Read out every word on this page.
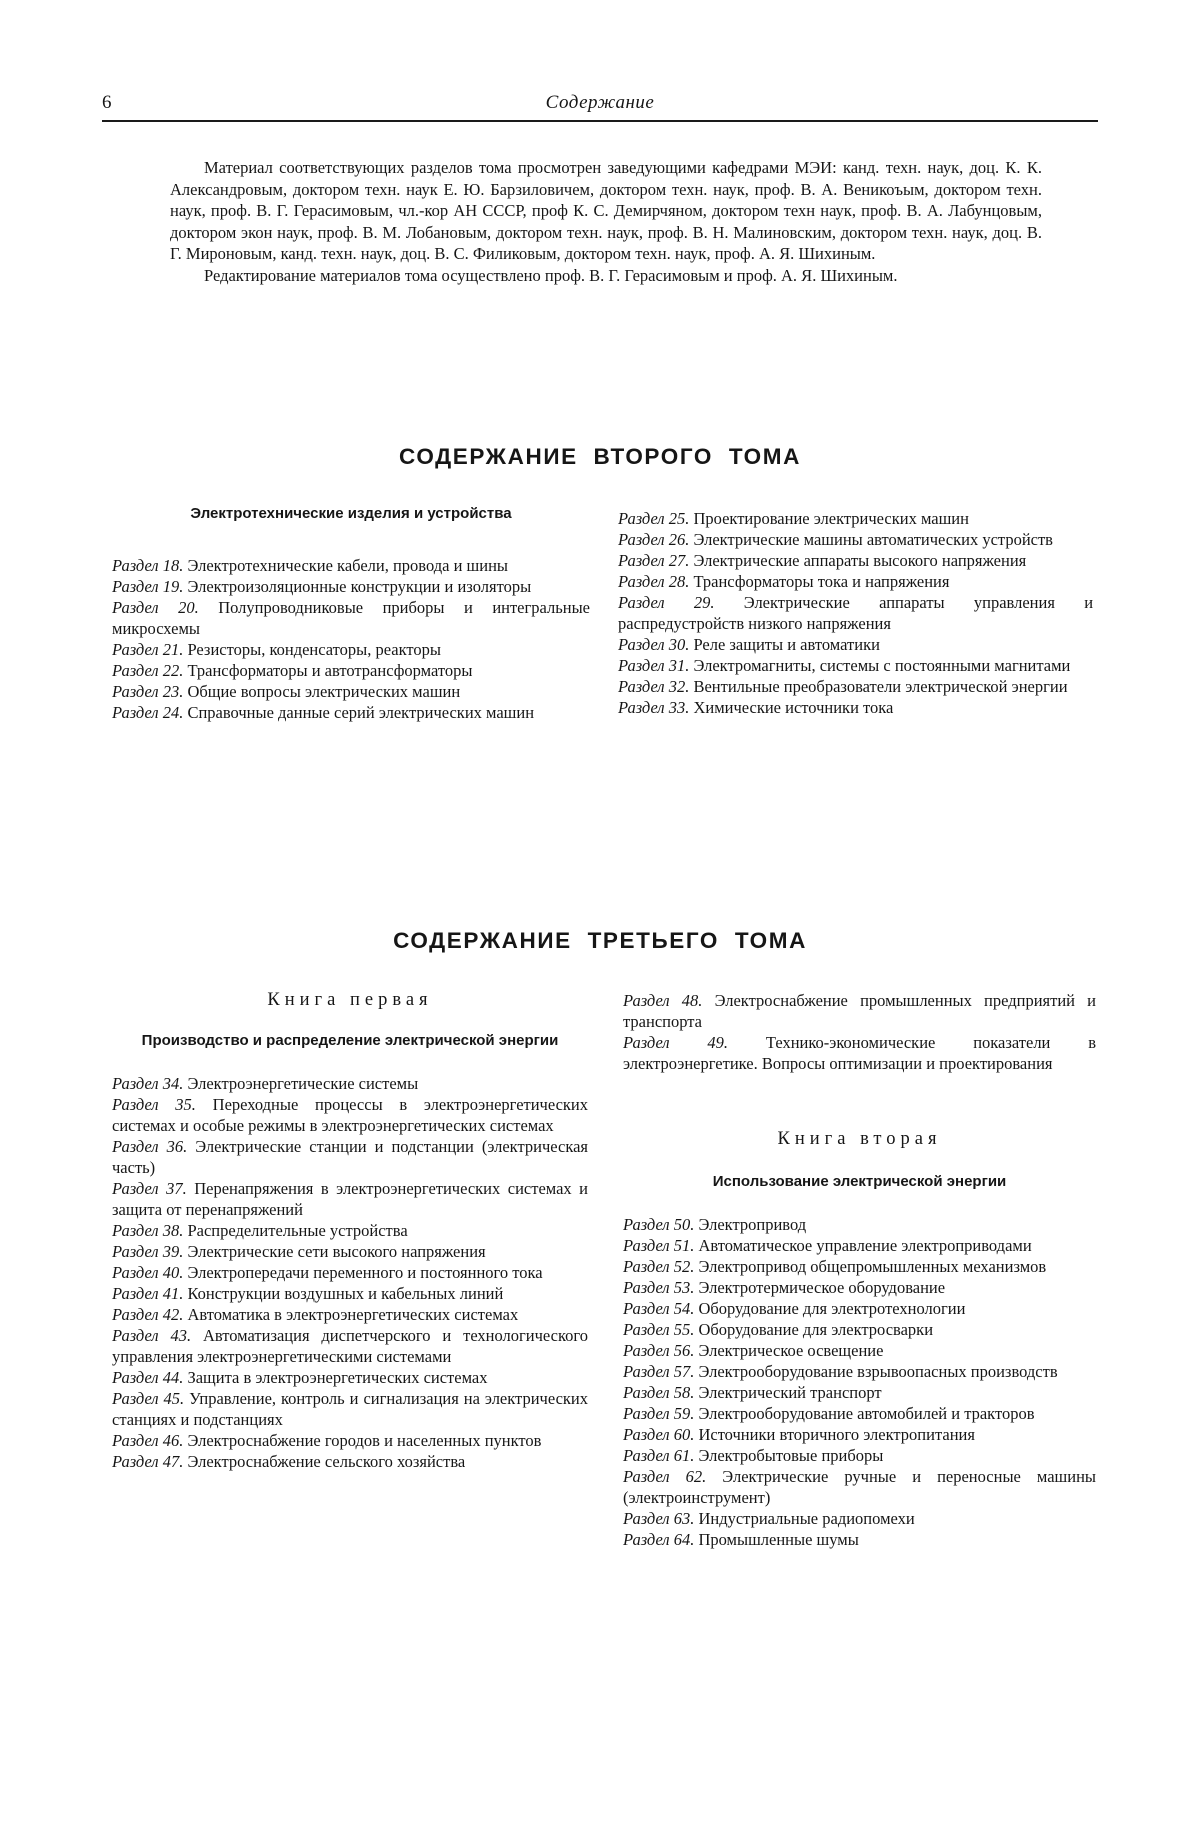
6	Содержание

Материал соответствующих разделов тома просмотрен заведующими кафедрами МЭИ: канд. техн. наук, доц. К. К. Александровым, доктором техн. наук Е. Ю. Барзиловичем, доктором техн. наук, проф. В. А. Веникоъым, доктором техн. наук, проф. В. Г. Герасимовым, чл.-кор АН СССР, проф К. С. Демирчяном, доктором техн наук, проф. В. А. Лабунцовым, доктором экон наук, проф. В. М. Лобановым, доктором техн. наук, проф. В. Н. Малиновским, доктором техн. наук, доц. В. Г. Мироновым, канд. техн. наук, доц. В. С. Филиковым, доктором техн. наук, проф. А. Я. Шихиным.

Редактирование материалов тома осуществлено проф. В. Г. Герасимовым и проф. А. Я. Шихиным.

СОДЕРЖАНИЕ ВТОРОГО ТОМА

Электротехнические изделия и устройства

Раздел 18. Электротехнические кабели, провода и шины
Раздел 19. Электроизоляционные конструкции и изоляторы
Раздел 20. Полупроводниковые приборы и интегральные микросхемы
Раздел 21. Резисторы, конденсаторы, реакторы
Раздел 22. Трансформаторы и автотрансформаторы
Раздел 23. Общие вопросы электрических машин
Раздел 24. Справочные данные серий электрических машин
Раздел 25. Проектирование электрических машин
Раздел 26. Электрические машины автоматических устройств
Раздел 27. Электрические аппараты высокого напряжения
Раздел 28. Трансформаторы тока и напряжения
Раздел 29. Электрические аппараты управления и распредустройств низкого напряжения
Раздел 30. Реле защиты и автоматики
Раздел 31. Электромагниты, системы с постоянными магнитами
Раздел 32. Вентильные преобразователи электрической энергии
Раздел 33. Химические источники тока
СОДЕРЖАНИЕ ТРЕТЬЕГО ТОМА

Книга первая

Производство и распределение электрической энергии

Раздел 34. Электроэнергетические системы
Раздел 35. Переходные процессы в электроэнергетических системах и особые режимы в электроэнергетических системах
Раздел 36. Электрические станции и подстанции (электрическая часть)
Раздел 37. Перенапряжения в электроэнергетических системах и защита от перенапряжений
Раздел 38. Распределительные устройства
Раздел 39. Электрические сети высокого напряжения
Раздел 40. Электропередачи переменного и постоянного тока
Раздел 41. Конструкции воздушных и кабельных линий
Раздел 42. Автоматика в электроэнергетических системах
Раздел 43. Автоматизация диспетчерского и технологического управления электроэнергетическими системами
Раздел 44. Защита в электроэнергетических системах
Раздел 45. Управление, контроль и сигнализация на электрических станциях и подстанциях
Раздел 46. Электроснабжение городов и населенных пунктов
Раздел 47. Электроснабжение сельского хозяйства
Раздел 48. Электроснабжение промышленных предприятий и транспорта
Раздел 49. Технико-экономические показатели в электроэнергетике. Вопросы оптимизации и проектирования

Книга вторая

Использование электрической энергии

Раздел 50. Электропривод
Раздел 51. Автоматическое управление электроприводами
Раздел 52. Электропривод общепромышленных механизмов
Раздел 53. Электротермическое оборудование
Раздел 54. Оборудование для электротехнологии
Раздел 55. Оборудование для электросварки
Раздел 56. Электрическое освещение
Раздел 57. Электрооборудование взрывоопасных производств
Раздел 58. Электрический транспорт
Раздел 59. Электрооборудование автомобилей и тракторов
Раздел 60. Источники вторичного электропитания
Раздел 61. Электробытовые приборы
Раздел 62. Электрические ручные и переносные машины (электроинструмент)
Раздел 63. Индустриальные радиопомехи
Раздел 64. Промышленные шумы
